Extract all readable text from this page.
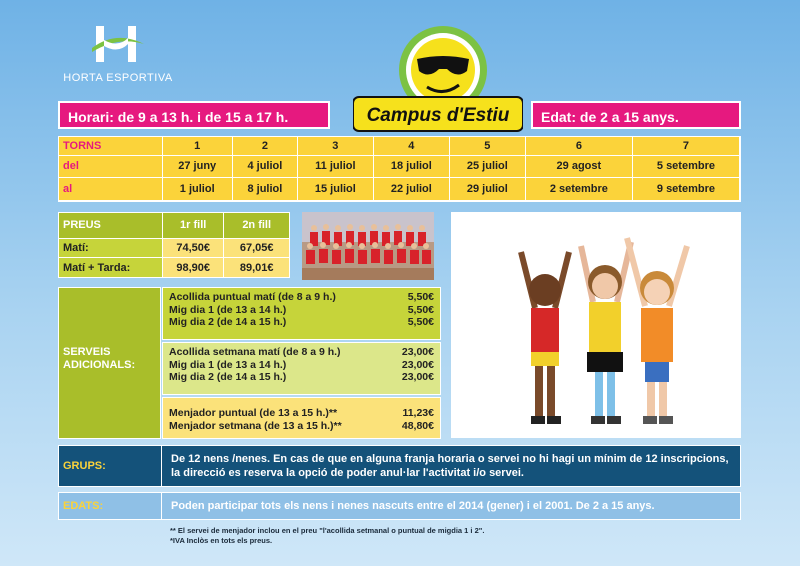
HORTA ESPORTIVA
Campus d'Estiu
Horari: de 9 a 13 h. i de 15 a 17 h.	Edat: de 2 a 15 anys.
TORNS	1	2	3	4	5	6	7
del	27 juny	4 juliol	11 juliol	18 juliol	25 juliol	29 agost	5 setembre
al	1 juliol	8 juliol	15 juliol	22 juliol	29 juliol	2 setembre	9 setembre
PREUS	1r fill	2n fill
Matí:	74,50€	67,05€
Matí + Tarda:	98,90€	89,01€
SERVEIS ADICIONALS:
Acollida puntual matí (de 8 a 9 h.)	5,50€
Mig dia 1 (de 13 a 14 h.)	5,50€
Mig dia 2 (de 14 a 15 h.)	5,50€
Acollida setmana matí (de 8 a 9 h.)	23,00€
Mig dia 1 (de 13 a 14 h.)	23,00€
Mig dia 2 (de 14 a 15 h.)	23,00€
Menjador puntual (de 13 a 15 h.)**	11,23€
Menjador setmana (de 13 a 15 h.)**	48,80€
GRUPS:
De 12 nens /nenes. En cas de que en alguna franja horaria o servei no hi hagi un mínim de 12 inscripcions, la direcció es reserva la opció de poder anul·lar l'activitat i/o servei.
EDATS:	Poden participar tots els nens i nenes nascuts entre el 2014 (gener) i el 2001. De 2 a 15 anys.
** El servei de menjador inclou en el preu "l'acollida setmanal o puntual de migdia 1 i 2".
*IVA Inclòs en tots els preus.
